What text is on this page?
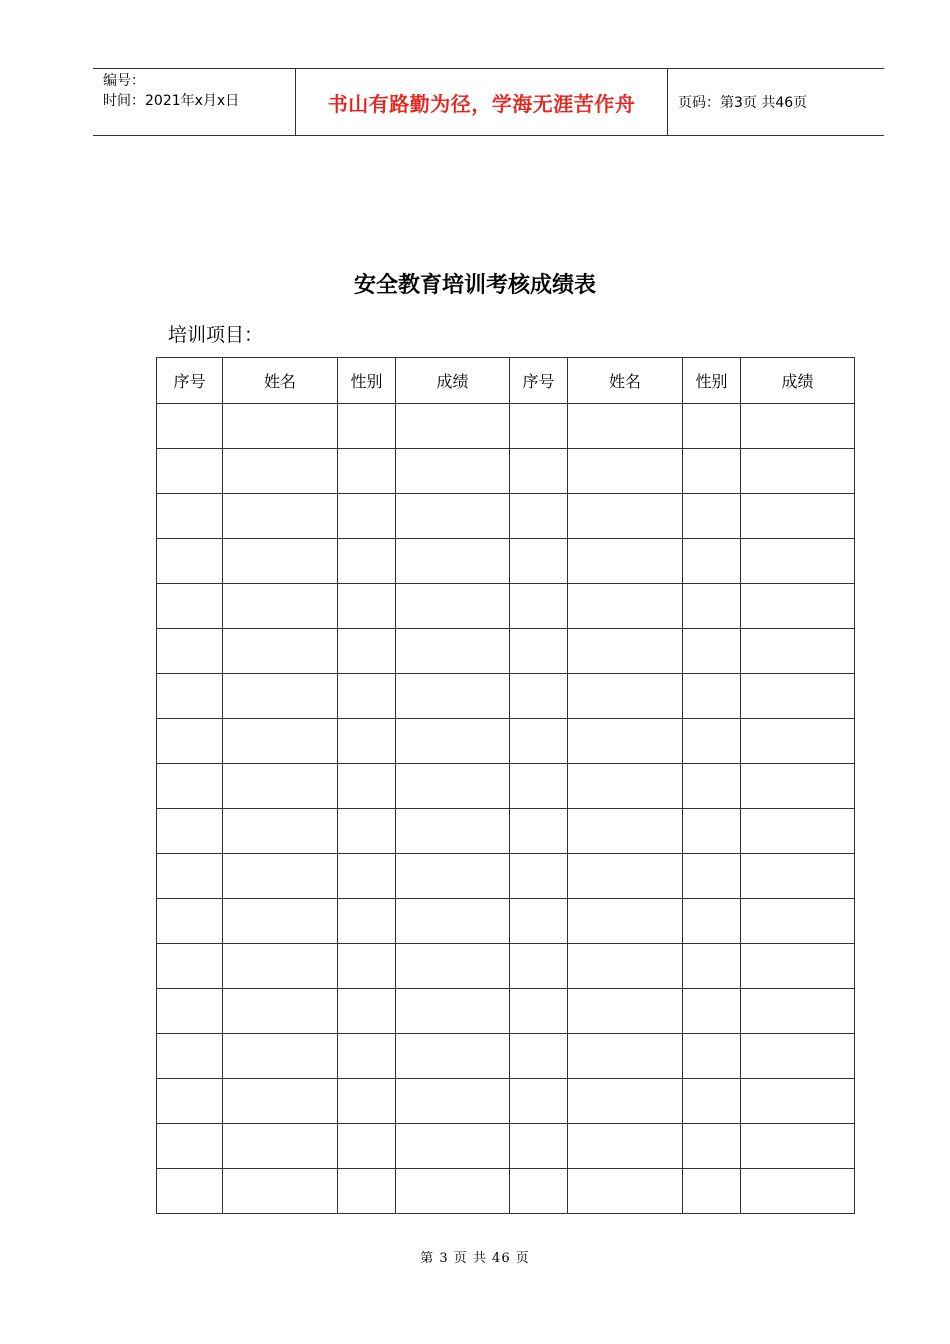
编号：
时间：2021年x月x日	书山有路勤为径，学海无涯苦作舟	页码：第3页 共46页
安全教育培训考核成绩表
培训项目：
序号	姓名	性别	成绩	序号	姓名	性别	成绩

第 3 页 共 46 页
